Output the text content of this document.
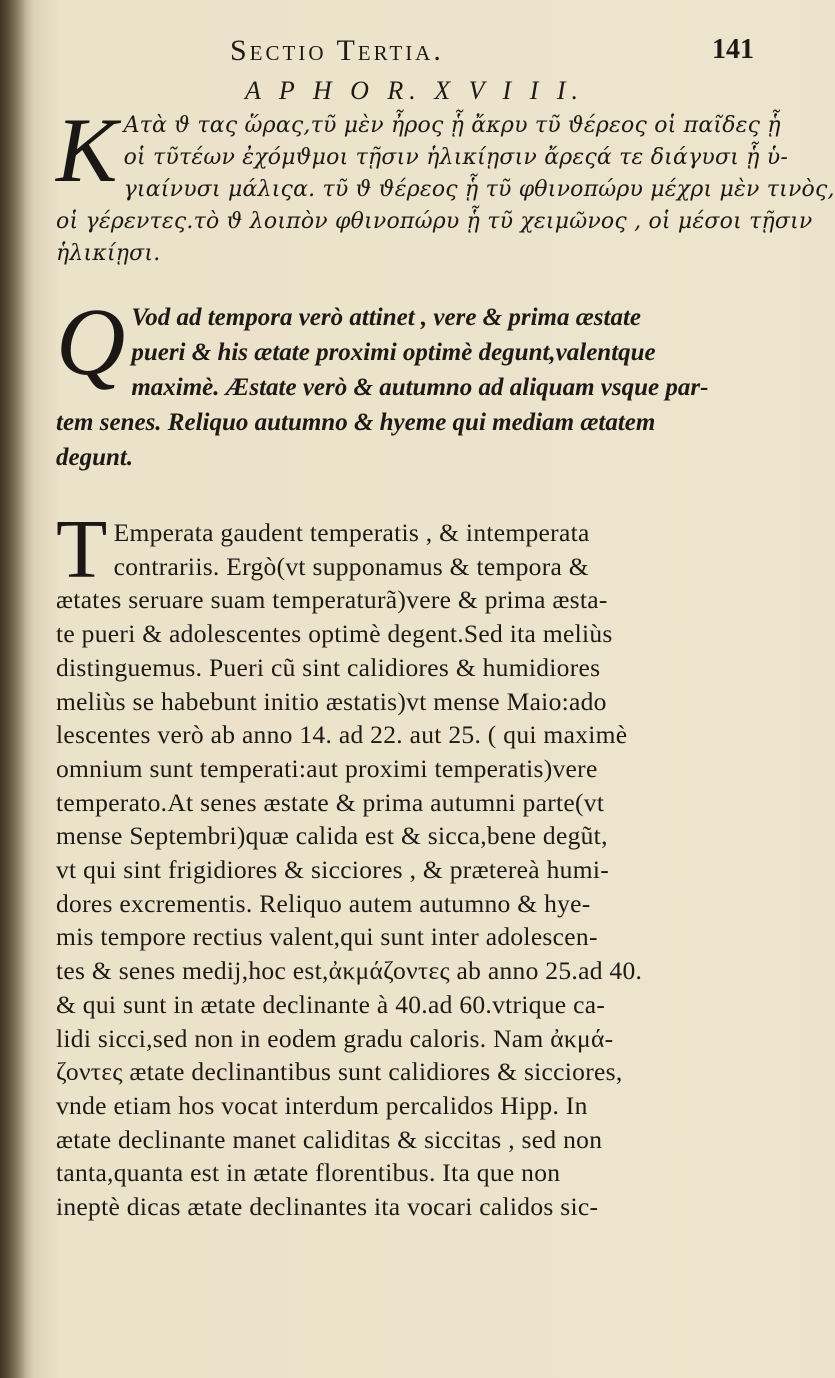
Sectio Tertia.	141
A P H O R. X V I I I.
K Ατὰ ϑ τας ὥρας,τῦ μὲν ἦρος ᾗ ἄκρυ τῦ ϑέρεος οἱ παῖδες ᾗ
οἱ τῦτέων ἐχόμϑμοι τῇσιν ἡλικίῃσιν ἄρεςά τε διάγυσι ᾗ ὑ-
γιαίνυσι μάλιςα. τῦ ϑ ϑέρεος ᾗ τῦ φθινοπώρυ μέχρι μὲν τινὸς,
οἱ γέρεντες.τὸ ϑ λοιπὸν φθινοπώρυ ᾗ τῦ χειμῶνος , οἱ μέσοι τῇσιν
ἡλικίῃσι.
Q Vod ad tempora verò attinet , vere & prima æstate
pueri & his ætate proximi optimè degunt,valentque
maximè. Æstate verò & autumno ad aliquam vsque par-
tem senes. Reliquo autumno & hyeme qui mediam ætatem
degunt.
T Emperata gaudent temperatis , & intemperata
contrariis. Ergò(vt supponamus & tempora &
ætates seruare suam temperaturã)vere & prima æsta-
te pueri & adolescentes optimè degent.Sed ita meliùs
distinguemus. Pueri cũ sint calidiores & humidiores
meliùs se habebunt initio æstatis)vt mense Maio:ado
lescentes verò ab anno 14. ad 22. aut 25. ( qui maximè
omnium sunt temperati:aut proximi temperatis)vere
temperato.At senes æstate & prima autumni parte(vt
mense Septembri)quæ calida est & sicca,bene degũt,
vt qui sint frigidiores & sicciores , & prætereà humi-
dores excrementis. Reliquo autem autumno & hye-
mis tempore rectius valent,qui sunt inter adolescen-
tes & senes medij,hoc est,ἀκμάζοντες ab anno 25.ad 40.
& qui sunt in ætate declinante à 40.ad 60.vtrique ca-
lidi sicci,sed non in eodem gradu caloris. Nam ἀκμά-
ζοντες ætate declinantibus sunt calidiores & sicciores,
vnde etiam hos vocat interdum percalidos Hipp. In
ætate declinante manet caliditas & siccitas , sed non
tanta,quanta est in ætate florentibus. Ita que non
ineptè dicas ætate declinantes ita vocari calidos sic-
